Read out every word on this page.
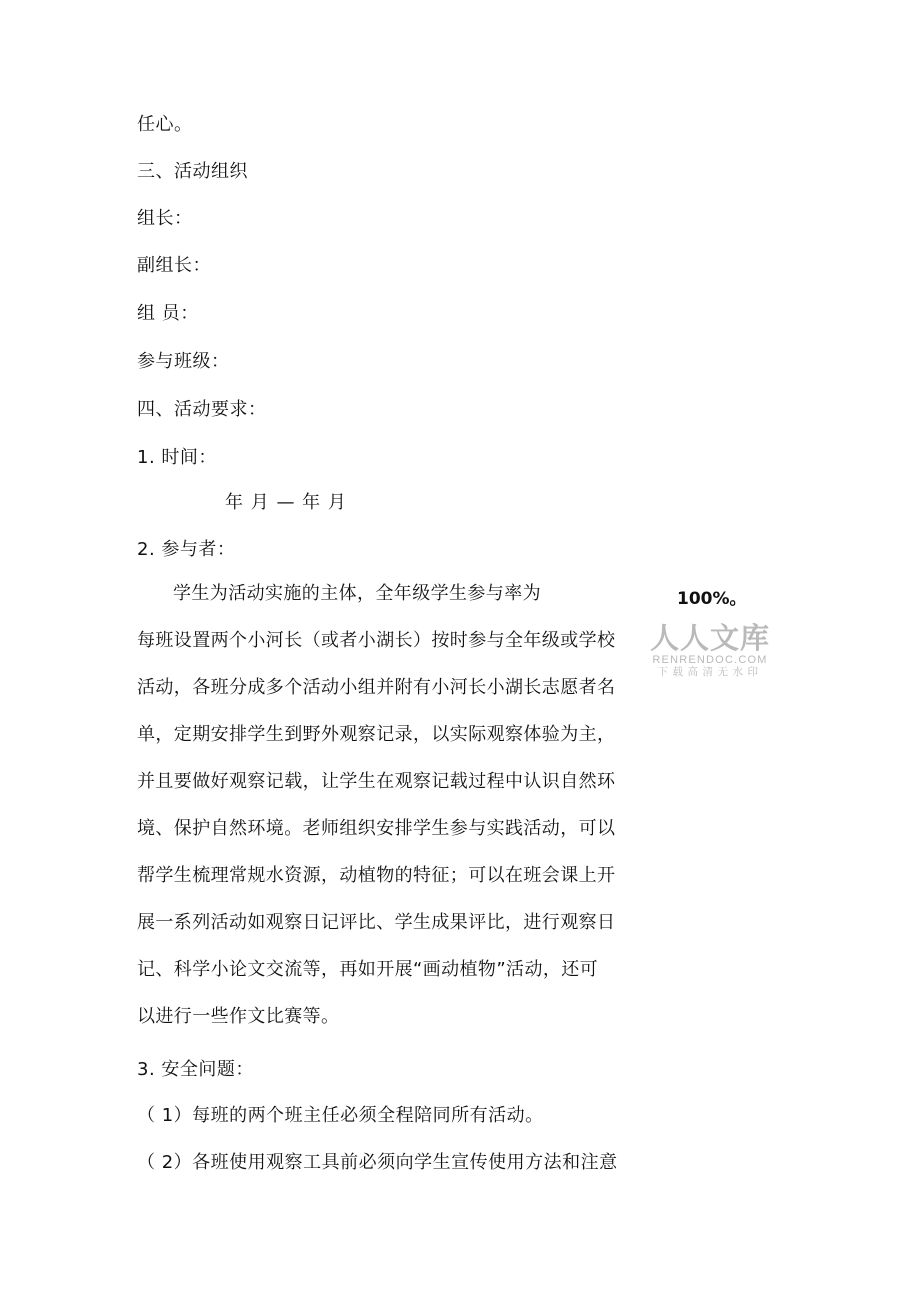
任心。
三、活动组织
组长：
副组长：
组 员：
参与班级：
四、活动要求：
1. 时间：
年 月 — 年 月
2. 参与者：
学生为活动实施的主体，全年级学生参与率为
每班设置两个小河长（或者小湖长）按时参与全年级或学校
活动，各班分成多个活动小组并附有小河长小湖长志愿者名
单，定期安排学生到野外观察记录，以实际观察体验为主，
并且要做好观察记载，让学生在观察记载过程中认识自然环
境、保护自然环境。老师组织安排学生参与实践活动，可以
帮学生梳理常规水资源，动植物的特征；可以在班会课上开
展一系列活动如观察日记评比、学生成果评比，进行观察日
记、科学小论文交流等，再如开展“画动植物”活动，还可
以进行一些作文比赛等。
100%。
3. 安全问题：
（ 1）每班的两个班主任必须全程陪同所有活动。
（ 2）各班使用观察工具前必须向学生宣传使用方法和注意
人人文库
RENRENDOC.COM
下载高清无水印
